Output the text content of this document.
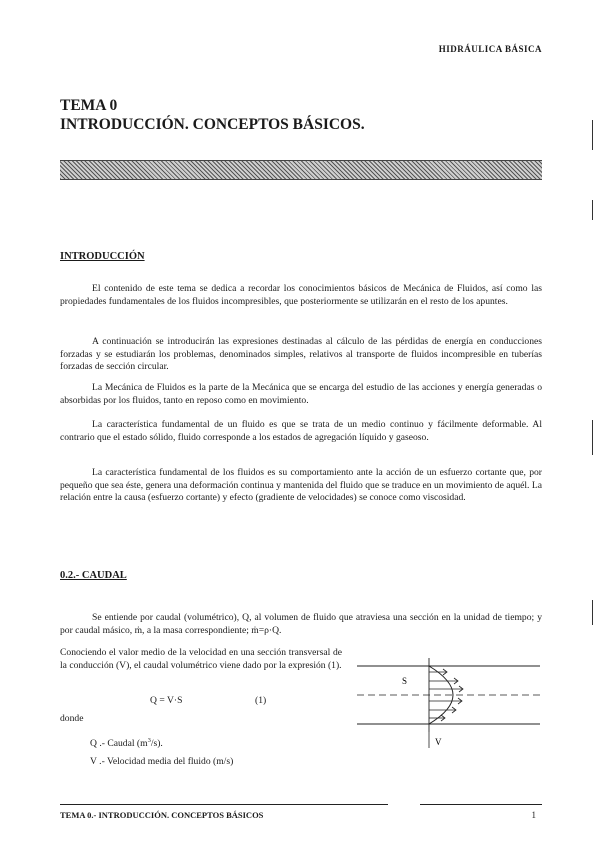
HIDRÁULICA BÁSICA
TEMA 0
INTRODUCCIÓN. CONCEPTOS BÁSICOS.
INTRODUCCIÓN

El contenido de este tema se dedica a recordar los conocimientos básicos de Mecánica de Fluidos, así como las propiedades fundamentales de los fluidos incompresibles, que posteriormente se utilizarán en el resto de los apuntes.

A continuación se introducirán las expresiones destinadas al cálculo de las pérdidas de energía en conducciones forzadas y se estudiarán los problemas, denominados simples, relativos al transporte de fluidos incompresible en tuberías forzadas de sección circular.

La Mecánica de Fluidos es la parte de la Mecánica que se encarga del estudio de las acciones y energía generadas o absorbidas por los fluidos, tanto en reposo como en movimiento.

La característica fundamental de un fluido es que se trata de un medio continuo y fácilmente deformable. Al contrario que el estado sólido, fluido corresponde a los estados de agregación líquido y gaseoso.

La característica fundamental de los fluidos es su comportamiento ante la acción de un esfuerzo cortante que, por pequeño que sea éste, genera una deformación continua y mantenida del fluido que se traduce en un movimiento de aquél. La relación entre la causa (esfuerzo cortante) y efecto (gradiente de velocidades) se conoce como viscosidad.

0.2.- CAUDAL

Se entiende por caudal (volumétrico), Q, al volumen de fluido que atraviesa una sección en la unidad de tiempo; y por caudal másico, ṁ, a la masa correspondiente; ṁ=ρ·Q.

Conociendo el valor medio de la velocidad en una sección transversal de la conducción (V), el caudal volumétrico viene dado por la expresión (1).

Q = V·S	(1)
donde
Q .- Caudal $(m^3/s)$.
V .- Velocidad media del fluido (m/s)
S
V
TEMA 0.- INTRODUCCIÓN. CONCEPTOS BÁSICOS	1
